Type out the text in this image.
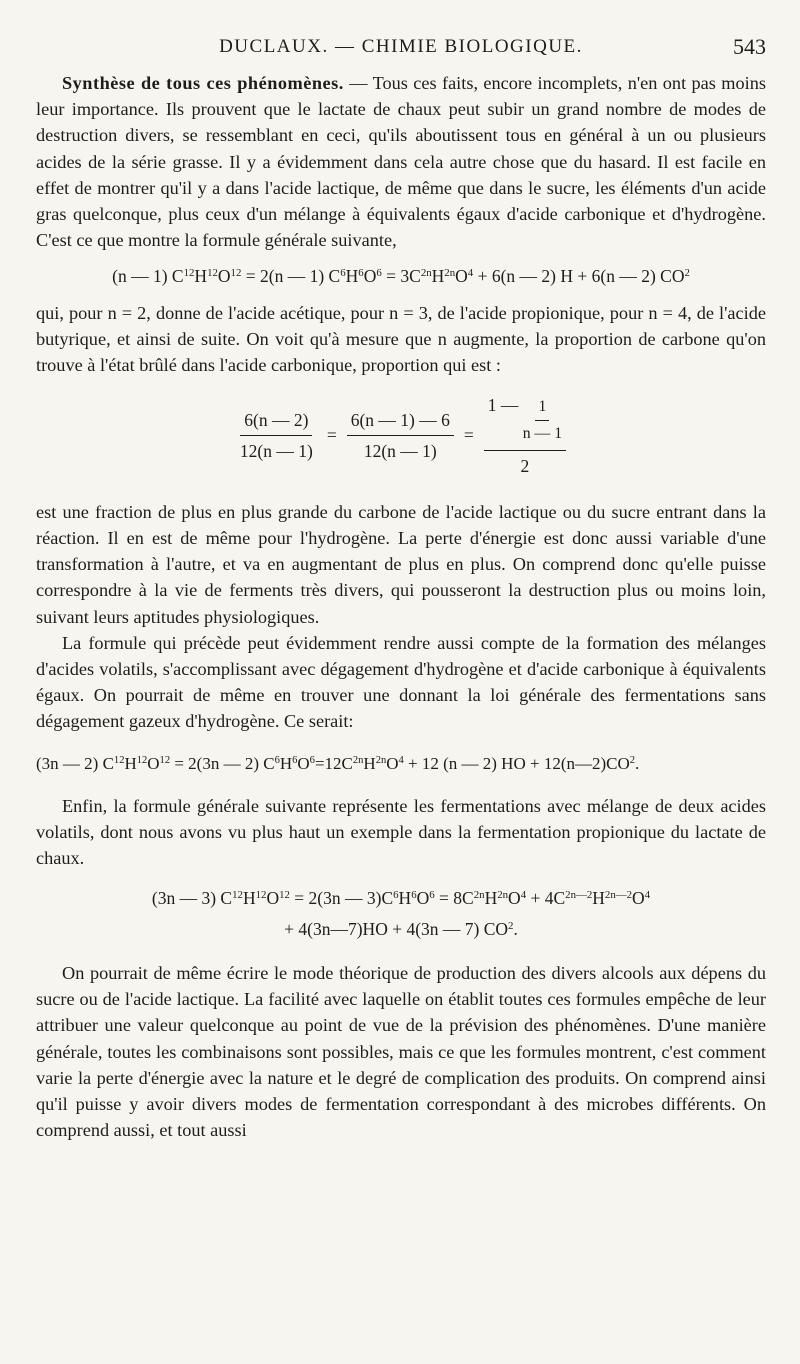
DUCLAUX. — CHIMIE BIOLOGIQUE.	543

Synthèse de tous ces phénomènes. — Tous ces faits, encore incomplets, n'en ont pas moins leur importance. Ils prouvent que le lactate de chaux peut subir un grand nombre de modes de destruction divers, se ressemblant en ceci, qu'ils aboutissent tous en général à un ou plusieurs acides de la série grasse. Il y a évidemment dans cela autre chose que du hasard. Il est facile en effet de montrer qu'il y a dans l'acide lactique, de même que dans le sucre, les éléments d'un acide gras quelconque, plus ceux d'un mélange à équivalents égaux d'acide carbonique et d'hydrogène. C'est ce que montre la formule générale suivante,

(n — 1) $C^{12}H^{12}O^{12} = 2(n$ — 1) $C^6H^6O^6 = 3C^{2n}H^{2n}O^4 + 6(n$ — 2) H + 6(n — 2) $CO^2$

qui, pour n = 2, donne de l'acide acétique, pour n = 3, de l'acide propionique, pour n = 4, de l'acide butyrique, et ainsi de suite. On voit qu'à mesure que n augmente, la proportion de carbone qu'on trouve à l'état brûlé dans l'acide carbonique, proportion qui est :

$\frac{6(n — 2)}{12(n — 1)} = \frac{6(n — 1) — 6}{12(n — 1)} = \frac{1 — \frac{1}{n — 1}}{2}$

est une fraction de plus en plus grande du carbone de l'acide lactique ou du sucre entrant dans la réaction. Il en est de même pour l'hydrogène. La perte d'énergie est donc aussi variable d'une transformation à l'autre, et va en augmentant de plus en plus. On comprend donc qu'elle puisse correspondre à la vie de ferments très divers, qui pousseront la destruction plus ou moins loin, suivant leurs aptitudes physiologiques.

La formule qui précède peut évidemment rendre aussi compte de la formation des mélanges d'acides volatils, s'accomplissant avec dégagement d'hydrogène et d'acide carbonique à équivalents égaux. On pourrait de même en trouver une donnant la loi générale des fermentations sans dégagement gazeux d'hydrogène. Ce serait:

(3n — 2) $C^{12}H^{12}O^{12} = 2(3n$ — 2) $C^6H^6O^6=12C^{2n}H^{2n}O^4 + 12$ (n — 2) HO + $12(n—2)CO^2$.

Enfin, la formule générale suivante représente les fermentations avec mélange de deux acides volatils, dont nous avons vu plus haut un exemple dans la fermentation propionique du lactate de chaux.

(3n — 3) $C^{12}H^{12}O^{12} = 2(3n$ — $3)C^6H^6O^6 = 8C^{2n}H^{2n}O^4 + 4C^{2n—2}H^{2n—2}O^4$
+ 4(3n—7)HO + 4(3n — 7) $CO^2$.

On pourrait de même écrire le mode théorique de production des divers alcools aux dépens du sucre ou de l'acide lactique. La facilité avec laquelle on établit toutes ces formules empêche de leur attribuer une valeur quelconque au point de vue de la prévision des phénomènes. D'une manière générale, toutes les combinaisons sont possibles, mais ce que les formules montrent, c'est comment varie la perte d'énergie avec la nature et le degré de complication des produits. On comprend ainsi qu'il puisse y avoir divers modes de fermentation correspondant à des microbes différents. On comprend aussi, et tout aussi
